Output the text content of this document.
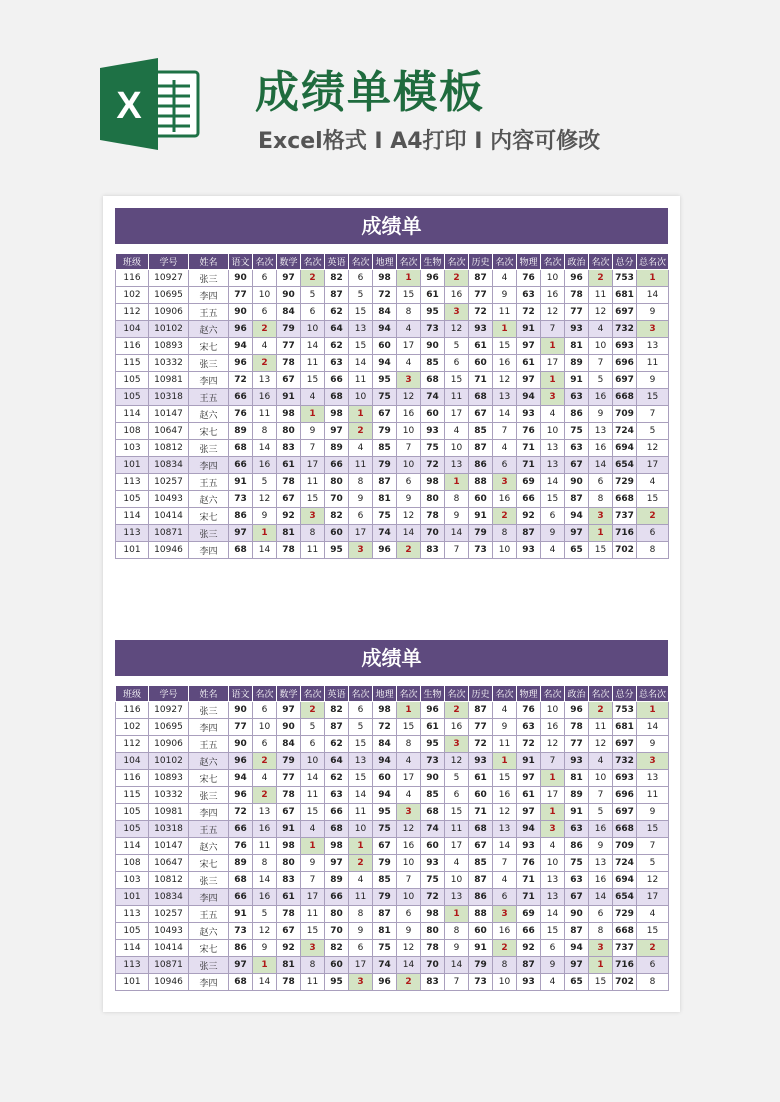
X	成绩单模板
Excel格式 I A4打印 I 内容可修改
成绩单
班级	学号	姓名	语文	名次	数学	名次	英语	名次	地理	名次	生物	名次	历史	名次	物理	名次	政治	名次	总分	总名次
116	10927	张三	90	6	97	2	82	6	98	1	96	2	87	4	76	10	96	2	753	1
102	10695	李四	77	10	90	5	87	5	72	15	61	16	77	9	63	16	78	11	681	14
112	10906	王五	90	6	84	6	62	15	84	8	95	3	72	11	72	12	77	12	697	9
104	10102	赵六	96	2	79	10	64	13	94	4	73	12	93	1	91	7	93	4	732	3
116	10893	宋七	94	4	77	14	62	15	60	17	90	5	61	15	97	1	81	10	693	13
115	10332	张三	96	2	78	11	63	14	94	4	85	6	60	16	61	17	89	7	696	11
105	10981	李四	72	13	67	15	66	11	95	3	68	15	71	12	97	1	91	5	697	9
105	10318	王五	66	16	91	4	68	10	75	12	74	11	68	13	94	3	63	16	668	15
114	10147	赵六	76	11	98	1	98	1	67	16	60	17	67	14	93	4	86	9	709	7
108	10647	宋七	89	8	80	9	97	2	79	10	93	4	85	7	76	10	75	13	724	5
103	10812	张三	68	14	83	7	89	4	85	7	75	10	87	4	71	13	63	16	694	12
101	10834	李四	66	16	61	17	66	11	79	10	72	13	86	6	71	13	67	14	654	17
113	10257	王五	91	5	78	11	80	8	87	6	98	1	88	3	69	14	90	6	729	4
105	10493	赵六	73	12	67	15	70	9	81	9	80	8	60	16	66	15	87	8	668	15
114	10414	宋七	86	9	92	3	82	6	75	12	78	9	91	2	92	6	94	3	737	2
113	10871	张三	97	1	81	8	60	17	74	14	70	14	79	8	87	9	97	1	716	6
101	10946	李四	68	14	78	11	95	3	96	2	83	7	73	10	93	4	65	15	702	8
成绩单
班级	学号	姓名	语文	名次	数学	名次	英语	名次	地理	名次	生物	名次	历史	名次	物理	名次	政治	名次	总分	总名次
116	10927	张三	90	6	97	2	82	6	98	1	96	2	87	4	76	10	96	2	753	1
102	10695	李四	77	10	90	5	87	5	72	15	61	16	77	9	63	16	78	11	681	14
112	10906	王五	90	6	84	6	62	15	84	8	95	3	72	11	72	12	77	12	697	9
104	10102	赵六	96	2	79	10	64	13	94	4	73	12	93	1	91	7	93	4	732	3
116	10893	宋七	94	4	77	14	62	15	60	17	90	5	61	15	97	1	81	10	693	13
115	10332	张三	96	2	78	11	63	14	94	4	85	6	60	16	61	17	89	7	696	11
105	10981	李四	72	13	67	15	66	11	95	3	68	15	71	12	97	1	91	5	697	9
105	10318	王五	66	16	91	4	68	10	75	12	74	11	68	13	94	3	63	16	668	15
114	10147	赵六	76	11	98	1	98	1	67	16	60	17	67	14	93	4	86	9	709	7
108	10647	宋七	89	8	80	9	97	2	79	10	93	4	85	7	76	10	75	13	724	5
103	10812	张三	68	14	83	7	89	4	85	7	75	10	87	4	71	13	63	16	694	12
101	10834	李四	66	16	61	17	66	11	79	10	72	13	86	6	71	13	67	14	654	17
113	10257	王五	91	5	78	11	80	8	87	6	98	1	88	3	69	14	90	6	729	4
105	10493	赵六	73	12	67	15	70	9	81	9	80	8	60	16	66	15	87	8	668	15
114	10414	宋七	86	9	92	3	82	6	75	12	78	9	91	2	92	6	94	3	737	2
113	10871	张三	97	1	81	8	60	17	74	14	70	14	79	8	87	9	97	1	716	6
101	10946	李四	68	14	78	11	95	3	96	2	83	7	73	10	93	4	65	15	702	8
